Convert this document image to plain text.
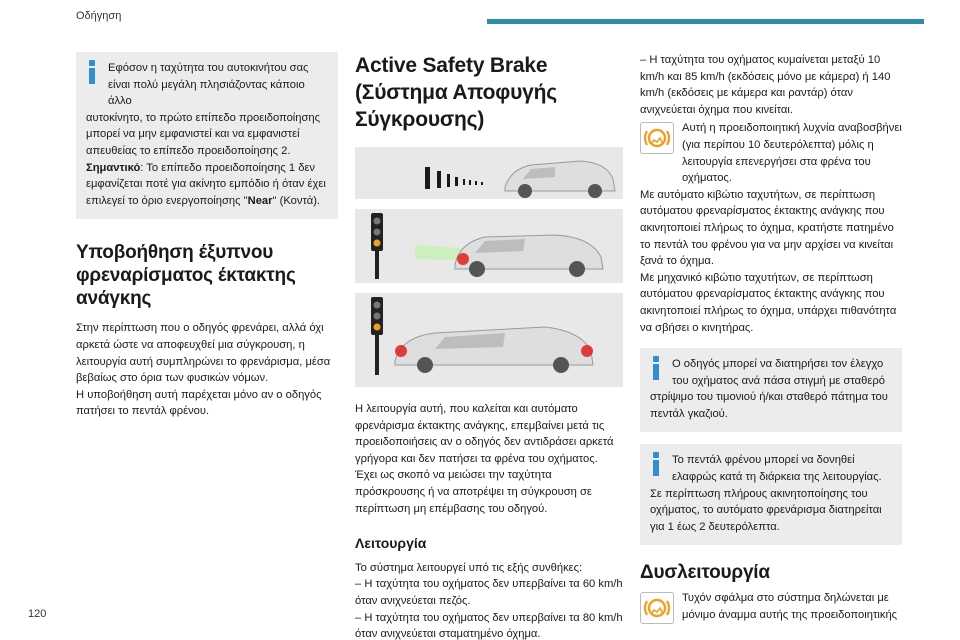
Οδήγηση

Εφόσον η ταχύτητα του αυτοκινήτου σας είναι πολύ μεγάλη πλησιάζοντας κάποιο άλλο

αυτοκίνητο, το πρώτο επίπεδο προειδοποίησης μπορεί να μην εμφανιστεί και να εμφανιστεί απευθείας το επίπεδο προειδοποίησης 2.

Σημαντικό: Το επίπεδο προειδοποίησης 1 δεν εμφανίζεται ποτέ για ακίνητο εμπόδιο ή όταν έχει επιλεγεί το όριο ενεργοποίησης "Near" (Κοντά).

Υποβοήθηση έξυπνου φρεναρίσματος έκτακτης ανάγκης

Στην περίπτωση που ο οδηγός φρενάρει, αλλά όχι αρκετά ώστε να αποφευχθεί μια σύγκρουση, η λειτουργία αυτή συμπληρώνει το φρενάρισμα, μέσα βεβαίως στο όρια των φυσικών νόμων.

Η υποβοήθηση αυτή παρέχεται μόνο αν ο οδηγός πατήσει το πεντάλ φρένου.

Active Safety Brake (Σύστημα Αποφυγής Σύγκρουσης)

Η λειτουργία αυτή, που καλείται και αυτόματο φρενάρισμα έκτακτης ανάγκης, επεμβαίνει μετά τις προειδοποιήσεις αν ο οδηγός δεν αντιδράσει αρκετά γρήγορα και δεν πατήσει τα φρένα του οχήματος.

Έχει ως σκοπό να μειώσει την ταχύτητα πρόσκρουσης ή να αποτρέψει τη σύγκρουση σε περίπτωση μη επέμβασης του οδηγού.

Λειτουργία

Το σύστημα λειτουργεί υπό τις εξής συνθήκες:

– Η ταχύτητα του οχήματος δεν υπερβαίνει τα 60 km/h όταν ανιχνεύεται πεζός.

– Η ταχύτητα του οχήματος δεν υπερβαίνει τα 80 km/h όταν ανιχνεύεται σταματημένο όχημα.

– Η ταχύτητα του οχήματος κυμαίνεται μεταξύ 10 km/h και 85 km/h (εκδόσεις μόνο με κάμερα) ή 140 km/h (εκδόσεις με κάμερα και ραντάρ) όταν ανιχνεύεται όχημα που κινείται.

Αυτή η προειδοποιητική λυχνία αναβοσβήνει (για περίπου 10 δευτερόλεπτα) μόλις η λειτουργία επενεργήσει στα φρένα του οχήματος.

Με αυτόματο κιβώτιο ταχυτήτων, σε περίπτωση αυτόματου φρεναρίσματος έκτακτης ανάγκης που ακινητοποιεί πλήρως το όχημα, κρατήστε πατημένο το πεντάλ του φρένου για να μην αρχίσει να κινείται ξανά το όχημα.

Με μηχανικό κιβώτιο ταχυτήτων, σε περίπτωση αυτόματου φρεναρίσματος έκτακτης ανάγκης που ακινητοποιεί πλήρως το όχημα, υπάρχει πιθανότητα να σβήσει ο κινητήρας.

Ο οδηγός μπορεί να διατηρήσει τον έλεγχο του οχήματος ανά πάσα στιγμή με σταθερό

στρίψιμο του τιμονιού ή/και σταθερό πάτημα του πεντάλ γκαζιού.

Το πεντάλ φρένου μπορεί να δονηθεί ελαφρώς κατά τη διάρκεια της λειτουργίας.

Σε περίπτωση πλήρους ακινητοποίησης του οχήματος, το αυτόματο φρενάρισμα διατηρείται για 1 έως 2 δευτερόλεπτα.

Δυσλειτουργία

Τυχόν σφάλμα στο σύστημα δηλώνεται με μόνιμο άναμμα αυτής της προειδοποιητικής

120
